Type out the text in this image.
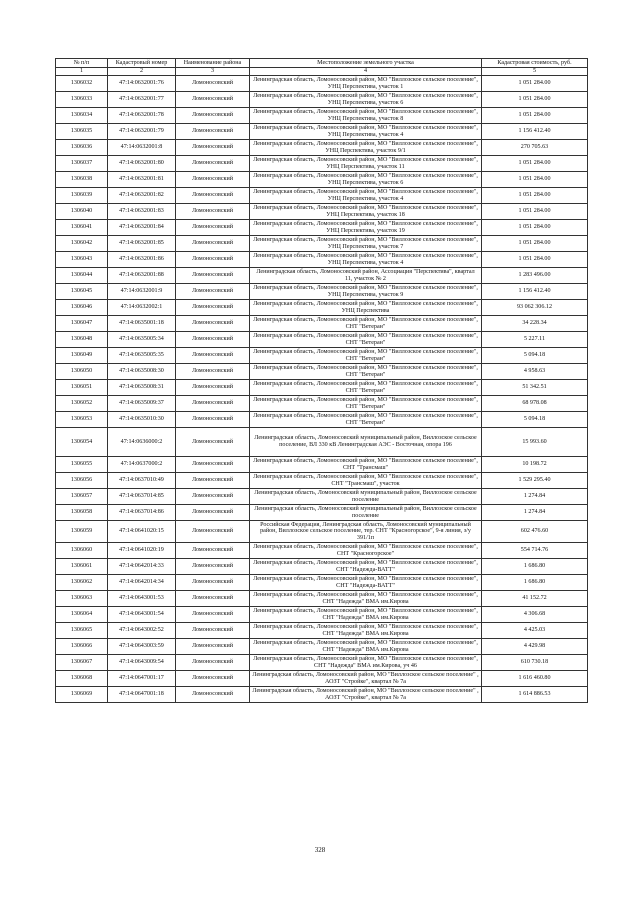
№ п/п	Кадастровый номер	Наименование района	Местоположение земельного участка	Кадастровая стоимость, руб.
1	2	3	4	5
1306032	47:14:0632001:76	Ломоносовский	Ленинградская область, Ломоносовский район, МО "Виллозское сельское поселение", УНЦ Перспектива, участок 1	1 051 284.00
1306033	47:14:0632001:77	Ломоносовский	Ленинградская область, Ломоносовский район, МО "Виллозское сельское поселение", УНЦ Перспектива, участок 6	1 051 284.00
1306034	47:14:0632001:78	Ломоносовский	Ленинградская область, Ломоносовский район, МО "Виллозское сельское поселение", УНЦ Перспектива, участок 8	1 051 284.00
1306035	47:14:0632001:79	Ломоносовский	Ленинградская область, Ломоносовский район, МО "Виллозское сельское поселение", УНЦ Перспектива, участок 4	1 156 412.40
1306036	47:14:0632001:8	Ломоносовский	Ленинградская область, Ломоносовский район, МО "Виллозское сельское поселение", УНЦ Перспектива, участок 9/1	270 705.63
1306037	47:14:0632001:80	Ломоносовский	Ленинградская область, Ломоносовский район, МО "Виллозское сельское поселение", УНЦ Перспектива, участок 11	1 051 284.00
1306038	47:14:0632001:81	Ломоносовский	Ленинградская область, Ломоносовский район, МО "Виллозское сельское поселение", УНЦ Перспектива, участок 6	1 051 284.00
1306039	47:14:0632001:82	Ломоносовский	Ленинградская область, Ломоносовский район, МО "Виллозское сельское поселение", УНЦ Перспектива, участок 4	1 051 284.00
1306040	47:14:0632001:83	Ломоносовский	Ленинградская область, Ломоносовский район, МО "Виллозское сельское поселение", УНЦ Перспектива, участок 18	1 051 284.00
1306041	47:14:0632001:84	Ломоносовский	Ленинградская область, Ломоносовский район, МО "Виллозское сельское поселение", УНЦ Перспектива, участок 19	1 051 284.00
1306042	47:14:0632001:85	Ломоносовский	Ленинградская область, Ломоносовский район, МО "Виллозское сельское поселение", УНЦ Перспектива, участок 7	1 051 284.00
1306043	47:14:0632001:86	Ломоносовский	Ленинградская область, Ломоносовский район, МО "Виллозское сельское поселение", УНЦ Перспектива, участок 4	1 051 284.00
1306044	47:14:0632001:88	Ломоносовский	Ленинградская область, Ломоносовский район, Ассоциация "Перспектива", квартал 11, участок № 2	1 283 496.00
1306045	47:14:0632001:9	Ломоносовский	Ленинградская область, Ломоносовский район, МО "Виллозское сельское поселение", УНЦ Перспектива, участок 9	1 156 412.40
1306046	47:14:0632002:1	Ломоносовский	Ленинградская область, Ломоносовский район, МО "Виллозское сельское поселение", УНЦ Перспектива	93 062 306.12
1306047	47:14:0635001:18	Ломоносовский	Ленинградская область, Ломоносовский район, МО "Виллозское сельское поселение", СНТ "Ветеран"	34 228.34
1306048	47:14:0635005:34	Ломоносовский	Ленинградская область, Ломоносовский район, МО "Виллозское сельское поселение", СНТ "Ветеран"	5 227.11
1306049	47:14:0635005:35	Ломоносовский	Ленинградская область, Ломоносовский район, МО "Виллозское сельское поселение", СНТ "Ветеран"	5 094.18
1306050	47:14:0635008:30	Ломоносовский	Ленинградская область, Ломоносовский район, МО "Виллозское сельское поселение", СНТ "Ветеран"	4 958.63
1306051	47:14:0635008:31	Ломоносовский	Ленинградская область, Ломоносовский район, МО "Виллозское сельское поселение", СНТ "Ветеран"	51 342.51
1306052	47:14:0635009:37	Ломоносовский	Ленинградская область, Ломоносовский район, МО "Виллозское сельское поселение", СНТ "Ветеран"	68 978.08
1306053	47:14:0635010:30	Ломоносовский	Ленинградская область, Ломоносовский район, МО "Виллозское сельское поселение", СНТ "Ветеран"	5 094.18
1306054	47:14:0636000:2	Ломоносовский	Ленинградская область, Ломоносовский муниципальный район, Виллозское сельское поселение, ВЛ 330 кВ Ленинградская АЭС - Восточная, опора 196	15 993.60
1306055	47:14:0637000:2	Ломоносовский	Ленинградская область, Ломоносовский район, МО "Виллозское сельское поселение", СНТ "Трансмаш"	10 198.72
1306056	47:14:0637010:49	Ломоносовский	Ленинградская область, Ломоносовский район, МО "Виллозское сельское поселение", СНТ "Трансмаш", участок	1 529 295.40
1306057	47:14:0637014:85	Ломоносовский	Ленинградская область, Ломоносовский муниципальный район, Виллозское сельское поселение	1 274.84
1306058	47:14:0637014:86	Ломоносовский	Ленинградская область, Ломоносовский муниципальный район, Виллозское сельское поселение	1 274.84
1306059	47:14:0641020:15	Ломоносовский	Российская Федерация, Ленинградская область, Ломоносовский муниципальный район, Виллозское сельское поселение, тер. СНТ "Красногорское", 9-я линия, з/у 391/1п	602 476.60
1306060	47:14:0641020:19	Ломоносовский	Ленинградская область, Ломоносовский район, МО "Виллозское сельское поселение", СНТ "Красногорское"	554 714.76
1306061	47:14:0642014:33	Ломоносовский	Ленинградская область, Ломоносовский район, МО "Виллозское сельское поселение", СНТ "Надежда-ВАТТ"	1 686.80
1306062	47:14:0642014:34	Ломоносовский	Ленинградская область, Ломоносовский район, МО "Виллозское сельское поселение", СНТ "Надежда-ВАТТ"	1 686.80
1306063	47:14:0643001:53	Ломоносовский	Ленинградская область, Ломоносовский район, МО "Виллозское сельское поселение", СНТ "Надежда" ВМА им.Кирова	41 152.72
1306064	47:14:0643001:54	Ломоносовский	Ленинградская область, Ломоносовский район, МО "Виллозское сельское поселение", СНТ "Надежда" ВМА им.Кирова	4 306.68
1306065	47:14:0643002:52	Ломоносовский	Ленинградская область, Ломоносовский район, МО "Виллозское сельское поселение", СНТ "Надежда" ВМА им.Кирова	4 425.03
1306066	47:14:0643003:59	Ломоносовский	Ленинградская область, Ломоносовский район, МО "Виллозское сельское поселение", СНТ "Надежда" ВМА им.Кирова	4 429.98
1306067	47:14:0643009:54	Ломоносовский	Ленинградская область, Ломоносовский район, МО "Виллозское сельское поселение", СНТ "Надежда" ВМА им.Кирова, уч 46	610 730.18
1306068	47:14:0647001:17	Ломоносовский	Ленинградская область, Ломоносовский район, МО "Виллозское сельское поселение" , АОЗТ "Стройке", квартал № 7а	1 616 460.80
1306069	47:14:0647001:18	Ломоносовский	Ленинградская область, Ломоносовский район, МО "Виллозское сельское поселение" , АОЗТ "Стройке", квартал № 7а	1 614 886.53
328
